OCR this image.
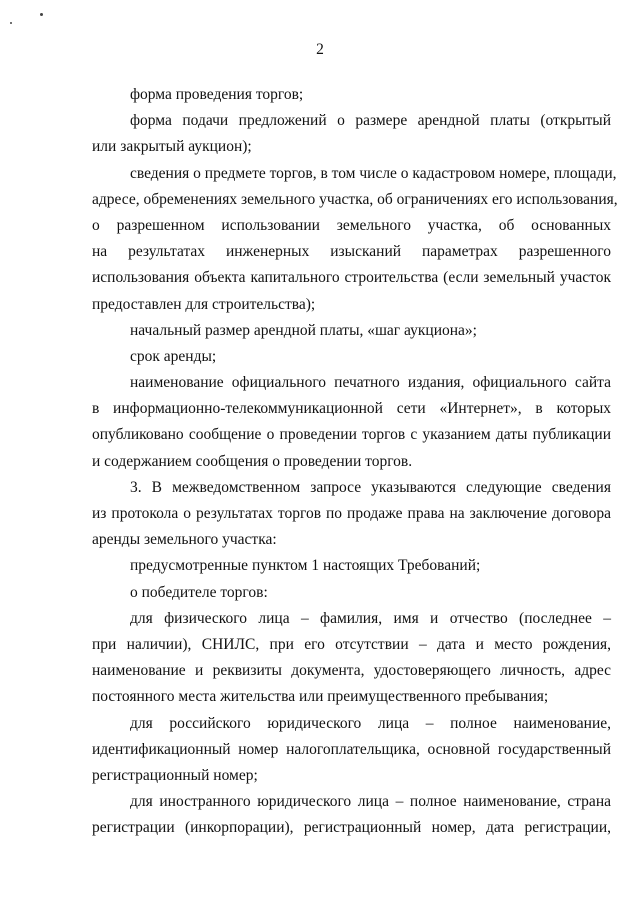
2
форма проведения торгов;
форма подачи предложений о размере арендной платы (открытый
или закрытый аукцион);
сведения о предмете торгов, в том числе о кадастровом номере, площади,
адресе, обременениях земельного участка, об ограничениях его использования,
о разрешенном использовании земельного участка, об основанных
на результатах инженерных изысканий параметрах разрешенного
использования объекта капитального строительства (если земельный участок
предоставлен для строительства);
начальный размер арендной платы, «шаг аукциона»;
срок аренды;
наименование официального печатного издания, официального сайта
в информационно-телекоммуникационной сети «Интернет», в которых
опубликовано сообщение о проведении торгов с указанием даты публикации
и содержанием сообщения о проведении торгов.
3. В межведомственном запросе указываются следующие сведения
из протокола о результатах торгов по продаже права на заключение договора
аренды земельного участка:
предусмотренные пунктом 1 настоящих Требований;
о победителе торгов:
для физического лица – фамилия, имя и отчество (последнее –
при наличии), СНИЛС, при его отсутствии – дата и место рождения,
наименование и реквизиты документа, удостоверяющего личность, адрес
постоянного места жительства или преимущественного пребывания;
для российского юридического лица – полное наименование,
идентификационный номер налогоплательщика, основной государственный
регистрационный номер;
для иностранного юридического лица – полное наименование, страна
регистрации (инкорпорации), регистрационный номер, дата регистрации,
